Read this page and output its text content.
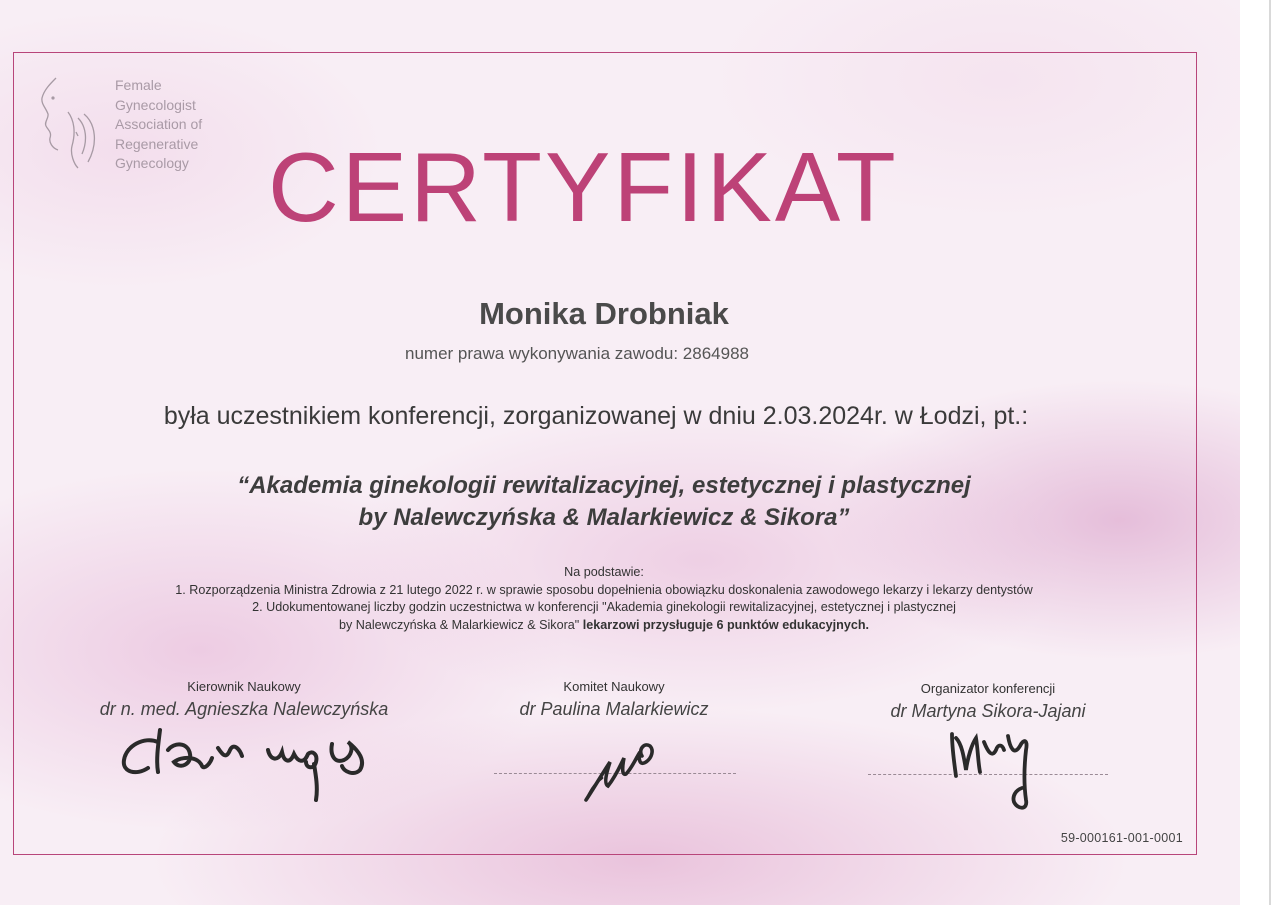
Female
Gynecologist
Association of
Regenerative
Gynecology CERTYFIKAT
Monika Drobniak
numer prawa wykonywania zawodu: 2864988
była uczestnikiem konferencji, zorganizowanej w dniu 2.03.2024r. w Łodzi, pt.:
“Akademia ginekologii rewitalizacyjnej, estetycznej i plastycznej
by Nalewczyńska & Malarkiewicz & Sikora”
Na podstawie:
1. Rozporządzenia Ministra Zdrowia z 21 lutego 2022 r. w sprawie sposobu dopełnienia obowiązku doskonalenia zawodowego lekarzy i lekarzy dentystów
2. Udokumentowanej liczby godzin uczestnictwa w konferencji "Akademia ginekologii rewitalizacyjnej, estetycznej i plastycznej
by Nalewczyńska & Malarkiewicz & Sikora" lekarzowi przysługuje 6 punktów edukacyjnych.
Kierownik Naukowy
dr n. med. Agnieszka Nalewczyńska
Komitet Naukowy
dr Paulina Malarkiewicz
Organizator konferencji
dr Martyna Sikora-Jajani
59-000161-001-0001
